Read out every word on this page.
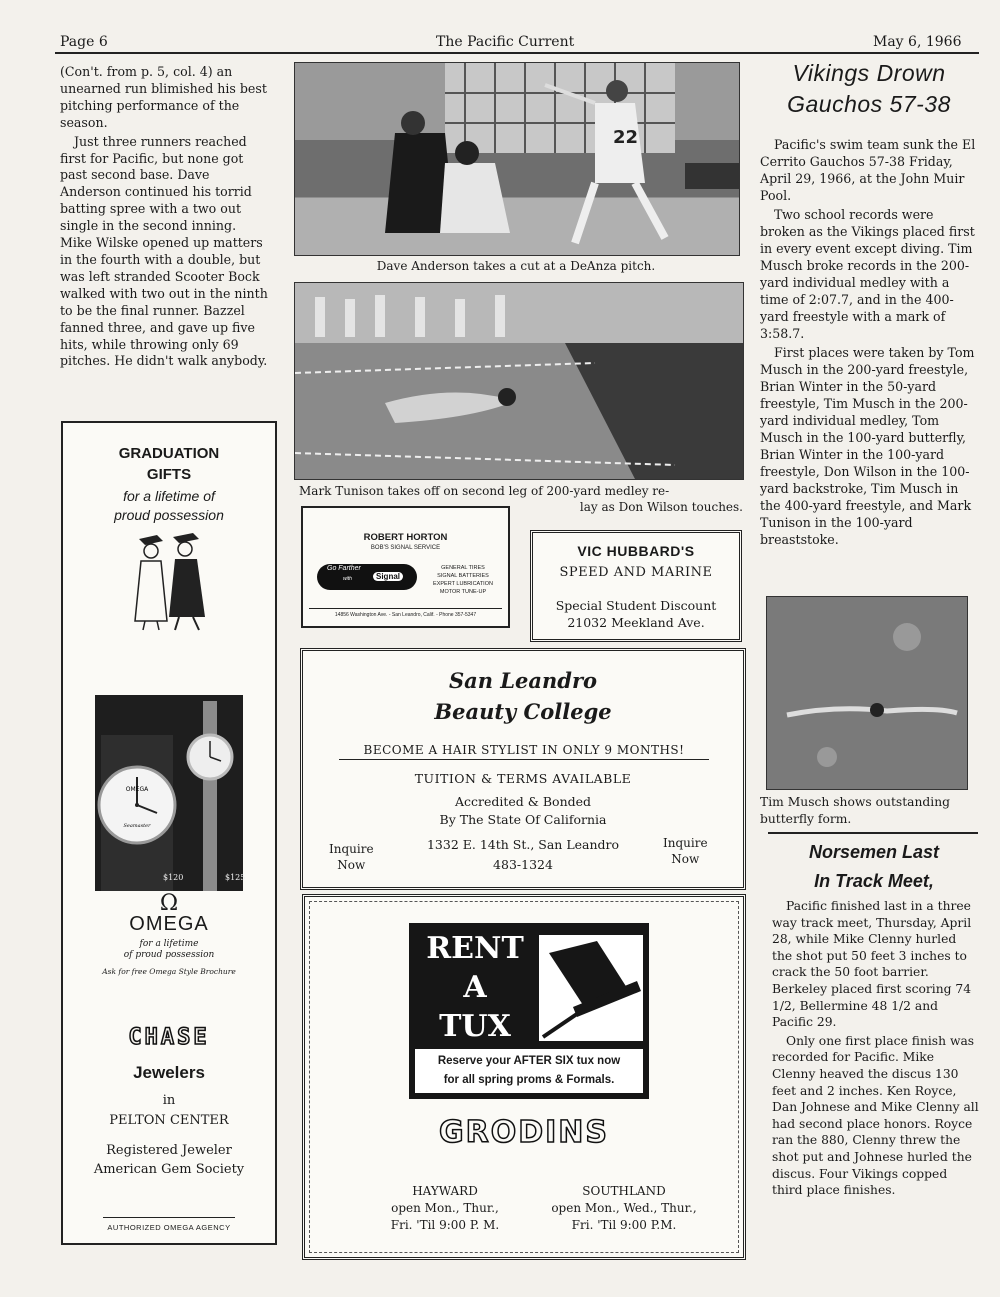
Page 6	The Pacific Current	May 6, 1966

(Con't. from p. 5, col. 4) an unearned run blimished his best pitching performance of the season.

Just three runners reached first for Pacific, but none got past second base. Dave Anderson continued his torrid batting spree with a two out single in the second inning. Mike Wilske opened up matters in the fourth with a double, but was left stranded Scooter Bock walked with two out in the ninth to be the final runner. Bazzel fanned three, and gave up five hits, while throwing only 69 pitches. He didn't walk anybody.

GRADUATION
GIFTS
for a lifetime of
proud possession
OMEGA
Seamaster
$120	$125
Ω
OMEGA
for a lifetime
of proud possession
Ask for free Omega Style Brochure
CHASE
Jewelers
in
PELTON CENTER
Registered Jeweler
American Gem Society
AUTHORIZED OMEGA AGENCY
22
Dave Anderson takes a cut at a DeAnza pitch.
Mark Tunison takes off on second leg of 200-yard medley re-
lay as Don Wilson touches.
ROBERT HORTON
BOB'S SIGNAL SERVICE
Go Farther
with	Signal
GENERAL TIRES
SIGNAL BATTERIES
EXPERT LUBRICATION
MOTOR TUNE-UP
14856 Washington Ave. - San Leandro, Calif. - Phone 357-5347
VIC HUBBARD'S
SPEED AND MARINE
Special Student Discount
21032 Meekland Ave.
San Leandro
Beauty College
BECOME A HAIR STYLIST IN ONLY 9 MONTHS!
TUITION & TERMS AVAILABLE
Accredited & Bonded
By The State Of California
1332 E. 14th St., San Leandro
483-1324
Inquire
Now
Inquire
Now
RENT
A
TUX
Reserve your AFTER SIX tux now
for all spring proms & Formals.
GRODINS
HAYWARD
open Mon., Thur.,
Fri. 'Til 9:00 P. M.
SOUTHLAND
open Mon., Wed., Thur.,
Fri. 'Til 9:00 P.M.
Vikings Drown
Gauchos 57-38

Pacific's swim team sunk the El Cerrito Gauchos 57-38 Friday, April 29, 1966, at the John Muir Pool.

Two school records were broken as the Vikings placed first in every event except diving. Tim Musch broke records in the 200-yard individual medley with a time of 2:07.7, and in the 400-yard freestyle with a mark of 3:58.7.

First places were taken by Tom Musch in the 200-yard freestyle, Brian Winter in the 50-yard freestyle, Tim Musch in the 200-yard individual medley, Tom Musch in the 100-yard butterfly, Brian Winter in the 100-yard freestyle, Don Wilson in the 100-yard backstroke, Tim Musch in the 400-yard freestyle, and Mark Tunison in the 100-yard breaststoke.

Tim Musch shows outstanding butterfly form.
Norsemen Last
In Track Meet,

Pacific finished last in a three way track meet, Thursday, April 28, while Mike Clenny hurled the shot put 50 feet 3 inches to crack the 50 foot barrier. Berkeley placed first scoring 74 1/2, Bellermine 48 1/2 and Pacific 29.

Only one first place finish was recorded for Pacific. Mike Clenny heaved the discus 130 feet and 2 inches. Ken Royce, Dan Johnese and Mike Clenny all had second place honors. Royce ran the 880, Clenny threw the shot put and Johnese hurled the discus. Four Vikings copped third place finishes.
